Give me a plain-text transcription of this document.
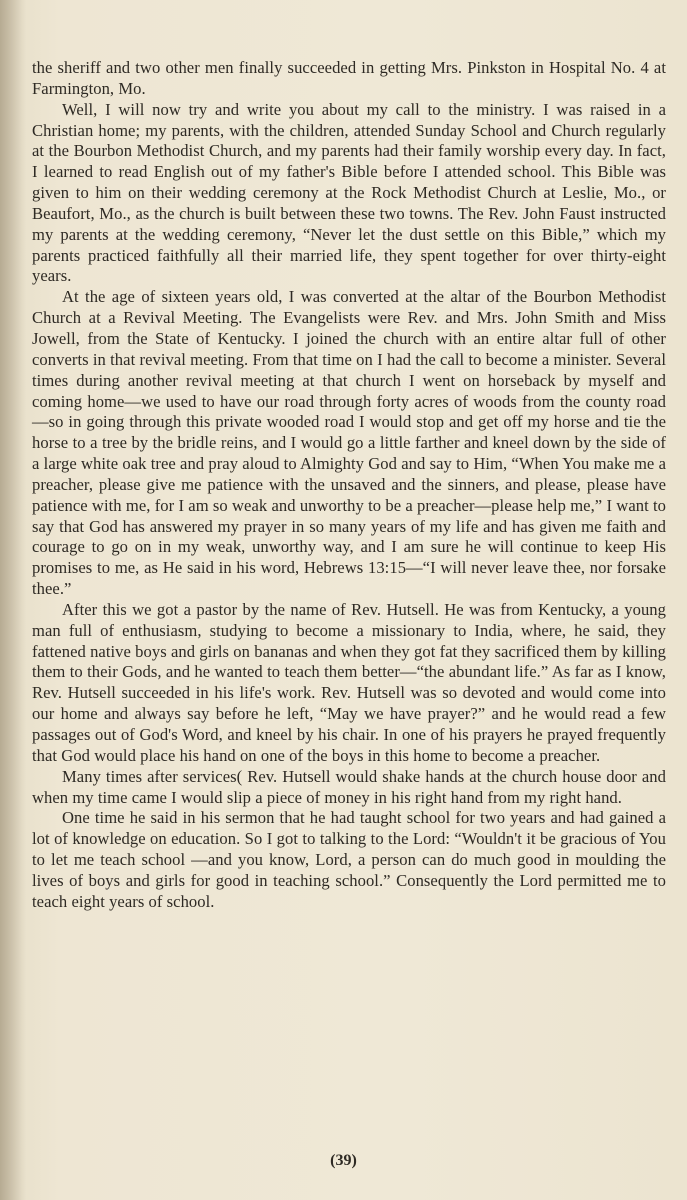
the sheriff and two other men finally succeeded in getting Mrs. Pinkston in Hospital No. 4 at Farmington, Mo.

Well, I will now try and write you about my call to the ministry. I was raised in a Christian home; my parents, with the children, attended Sunday School and Church regularly at the Bourbon Methodist Church, and my parents had their family worship every day. In fact, I learned to read English out of my father's Bible before I attended school. This Bible was given to him on their wedding ceremony at the Rock Methodist Church at Leslie, Mo., or Beaufort, Mo., as the church is built between these two towns. The Rev. John Faust instructed my parents at the wedding ceremony, “Never let the dust settle on this Bible,” which my parents practiced faithfully all their married life, they spent together for over thirty-eight years.

At the age of sixteen years old, I was converted at the altar of the Bourbon Methodist Church at a Revival Meeting. The Evangelists were Rev. and Mrs. John Smith and Miss Jowell, from the State of Kentucky. I joined the church with an entire altar full of other converts in that revival meeting. From that time on I had the call to become a minister. Several times during another revival meeting at that church I went on horseback by myself and coming home—we used to have our road through forty acres of woods from the county road—so in going through this private wooded road I would stop and get off my horse and tie the horse to a tree by the bridle reins, and I would go a little farther and kneel down by the side of a large white oak tree and pray aloud to Almighty God and say to Him, “When You make me a preacher, please give me patience with the unsaved and the sinners, and please, please have patience with me, for I am so weak and unworthy to be a preacher—please help me,” I want to say that God has answered my prayer in so many years of my life and has given me faith and courage to go on in my weak, unworthy way, and I am sure he will continue to keep His promises to me, as He said in his word, Hebrews 13:15—“I will never leave thee, nor forsake thee.”

After this we got a pastor by the name of Rev. Hutsell. He was from Kentucky, a young man full of enthusiasm, studying to become a missionary to India, where, he said, they fattened native boys and girls on bananas and when they got fat they sacrificed them by killing them to their Gods, and he wanted to teach them better—“the abundant life.” As far as I know, Rev. Hutsell succeeded in his life's work. Rev. Hutsell was so devoted and would come into our home and always say before he left, “May we have prayer?” and he would read a few passages out of God's Word, and kneel by his chair. In one of his prayers he prayed frequently that God would place his hand on one of the boys in this home to become a preacher.

Many times after services( Rev. Hutsell would shake hands at the church house door and when my time came I would slip a piece of money in his right hand from my right hand.

One time he said in his sermon that he had taught school for two years and had gained a lot of knowledge on education. So I got to talking to the Lord: “Wouldn't it be gracious of You to let me teach school —and you know, Lord, a person can do much good in moulding the lives of boys and girls for good in teaching school.” Consequently the Lord permitted me to teach eight years of school.

(39)
